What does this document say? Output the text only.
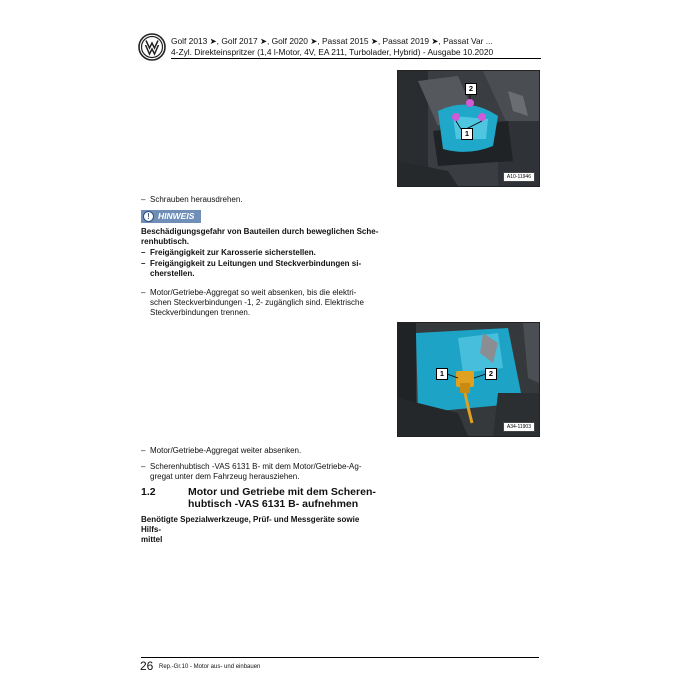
Golf 2013 ➤, Golf 2017 ➤, Golf 2020 ➤, Passat 2015 ➤, Passat 2019 ➤, Passat Var ...
4-Zyl. Direkteinspritzer (1,4 l-Motor, 4V, EA 211, Turbolader, Hybrid) - Ausgabe 10.2020
2
1
A10-11946
– Schrauben herausdrehen.
! HINWEIS
Beschädigungsgefahr von Bauteilen durch beweglichen Sche-
renhubtisch.
– Freigängigkeit zur Karosserie sicherstellen.
– Freigängigkeit zu Leitungen und Steckverbindungen si-
cherstellen.
– Motor/Getriebe-Aggregat so weit absenken, bis die elektri-
schen Steckverbindungen -1, 2- zugänglich sind. Elektrische
Steckverbindungen trennen.
1	2
A34-11903
– Motor/Getriebe-Aggregat weiter absenken.
– Scherenhubtisch -VAS 6131 B- mit dem Motor/Getriebe-Ag-
gregat unter dem Fahrzeug herausziehen.
1.2	Motor und Getriebe mit dem Scheren-
hubtisch -VAS 6131 B- aufnehmen
Benötigte Spezialwerkzeuge, Prüf- und Messgeräte sowie Hilfs-
mittel
26 Rep.-Gr.10 - Motor aus- und einbauen
